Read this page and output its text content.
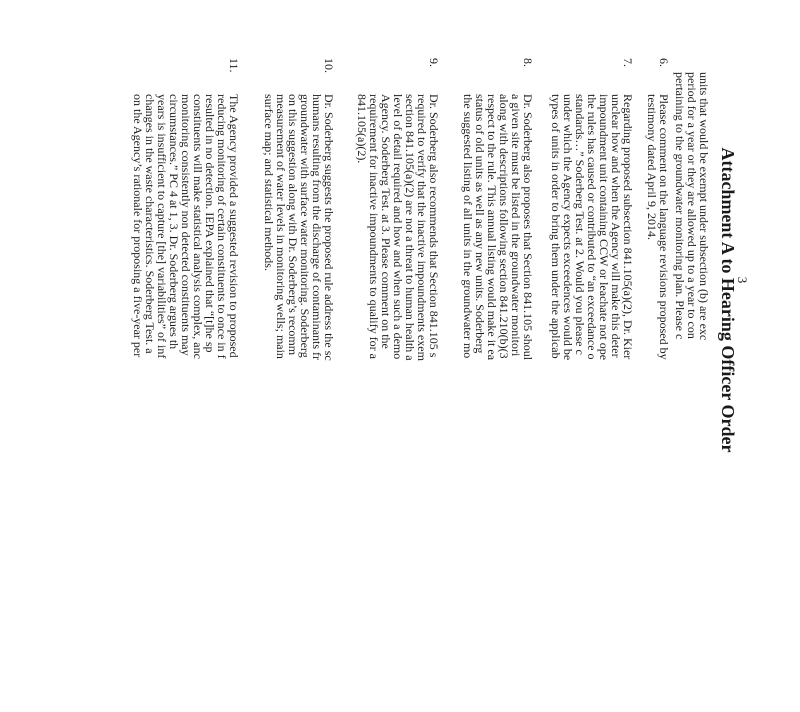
3
Attachment A to Hearing Officer Order
units that would be exempt under subsection (b) are exc
period for a year or they are allowed up to a year to con
pertaining to the groundwater monitoring plan. Please c
6.
Please comment on the language revisions proposed by
testimony dated April 9, 2014.
7.
Regarding proposed subsection 841.105(a)(2), Dr. Kier
unclear how and when the Agency will make this deter
impoundment unit containing CCW or leachate not ope
the rules has caused or contributed to “an exceedance o
standards…” Soderberg Test. at 2. Would you please c
under which the Agency expects exceedences would be
types of units in order to bring them under the applicab
8.
Dr. Soderberg also proposes that Section 841.105 shoul
a given site must be listed in the groundwater monitori
along with descriptions following section 841.210(b)(3
respect to the rule. This annual listing would make it ea
status of old units as well as any new units. Soderberg
the suggested listing of all units in the groundwater mo
9.
Dr. Soderberg also recommends that Section 841.105 s
required to verify that the inactive impoundments exem
section 841.105(a)(2) are not a threat to human health a
level of detail required and how and when such a demo
Agency. Soderberg Test. at 3. Please comment on the
requirement for inactive impoundments to qualify for a
841.105(a)(2).
10.
Dr. Soderberg suggests the proposed rule address the sc
humans resulting from the discharge of contaminants fr
groundwater with surface water monitoring. Soderberg
on this suggestion along with Dr. Soderberg’s recomm
measurement of water levels in monitoring wells; main
surface map; and statistical methods.
11.
The Agency provided a suggested revision to proposed
reducing monitoring of certain constituents to once in f
resulted in no detection. IEPA explained that “[t]he sp
constituents will make statistical analysis complex, anc
monitoring consistently non detected constituents may
circumstances.” PC 4 at 1, 3. Dr. Soderberg argues th
years is insufficient to capture [the] variabilities” of inf
changes in the waste characteristics. Soderberg Test. a
on the Agency’s rationale for proposing a five-year per
